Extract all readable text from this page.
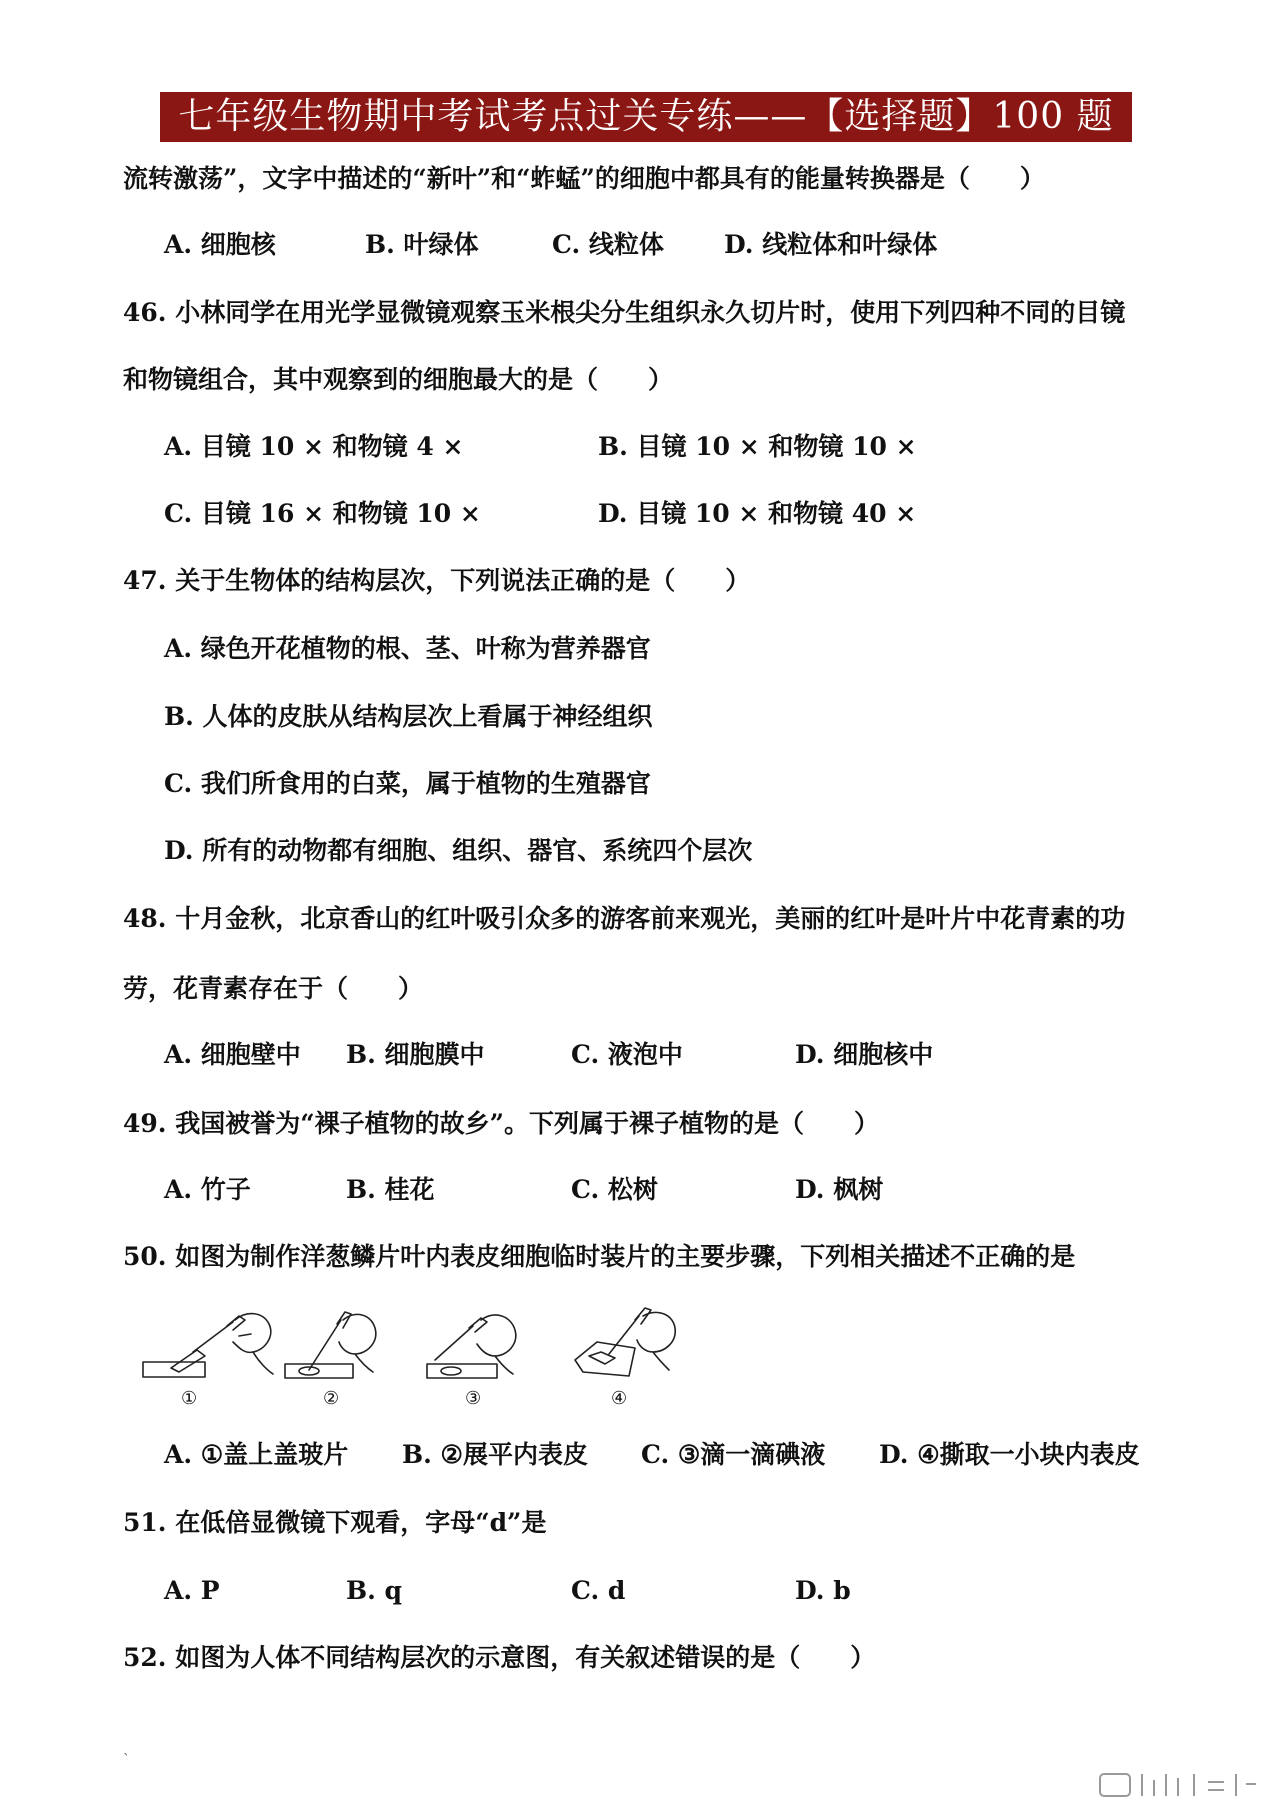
七年级生物期中考试考点过关专练——【选择题】100 题
流转激荡”，文字中描述的“新叶”和“蚱蜢”的细胞中都具有的能量转换器是（　　）
A. 细胞核	B. 叶绿体	C. 线粒体 D. 线粒体和叶绿体
46. 小林同学在用光学显微镜观察玉米根尖分生组织永久切片时，使用下列四种不同的目镜
和物镜组合，其中观察到的细胞最大的是（　　）
A. 目镜 10 × 和物镜 4 ×	B. 目镜 10 × 和物镜 10 ×
C. 目镜 16 × 和物镜 10 ×	D. 目镜 10 × 和物镜 40 ×
47. 关于生物体的结构层次，下列说法正确的是（　　）
A. 绿色开花植物的根、茎、叶称为营养器官
B. 人体的皮肤从结构层次上看属于神经组织
C. 我们所食用的白菜，属于植物的生殖器官
D. 所有的动物都有细胞、组织、器官、系统四个层次
48. 十月金秋，北京香山的红叶吸引众多的游客前来观光，美丽的红叶是叶片中花青素的功
劳，花青素存在于（　　）
A. 细胞壁中 B. 细胞膜中	C. 液泡中	D. 细胞核中
49. 我国被誉为“裸子植物的故乡”。下列属于裸子植物的是（　　）
A. 竹子	B. 桂花	C. 松树	D. 枫树
50. 如图为制作洋葱鳞片叶内表皮细胞临时装片的主要步骤，下列相关描述不正确的是
①	②	③	④
A. ①盖上盖玻片 B. ②展平内表皮 C. ③滴一滴碘液 D. ④撕取一小块内表皮
51. 在低倍显微镜下观看，字母“d”是
A. P	B. q	C. d	D. b
52. 如图为人体不同结构层次的示意图，有关叙述错误的是（　　）
`
